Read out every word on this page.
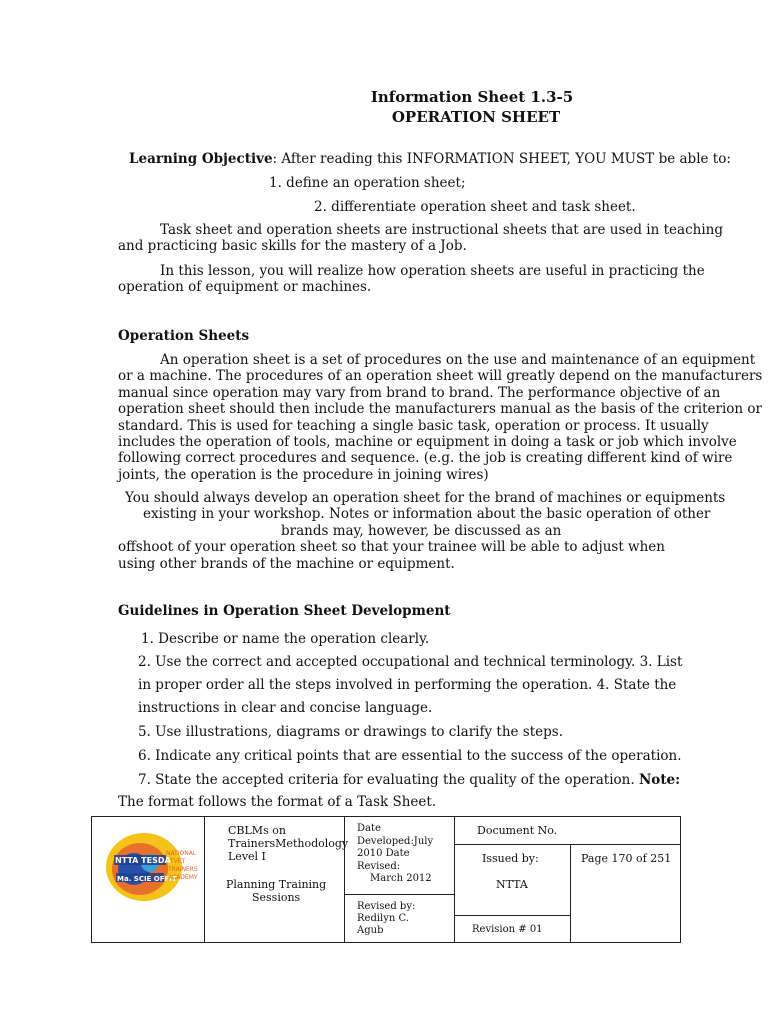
Information Sheet 1.3-5

OPERATION SHEET

Learning Objective: After reading this INFORMATION SHEET, YOU MUST be able to:

1. define an operation sheet;

2. differentiate operation sheet and task sheet.

Task sheet and operation sheets are instructional sheets that are used in teaching
and practicing basic skills for the mastery of a Job.
In this lesson, you will realize how operation sheets are useful in practicing the
operation of equipment or machines.

Operation Sheets

An operation sheet is a set of procedures on the use and maintenance of an equipment
or a machine. The procedures of an operation sheet will greatly depend on the manufacturers
manual since operation may vary from brand to brand. The performance objective of an
operation sheet should then include the manufacturers manual as the basis of the criterion or
standard. This is used for teaching a single basic task, operation or process. It usually
includes the operation of tools, machine or equipment in doing a task or job which involve
following correct procedures and sequence. (e.g. the job is creating different kind of wire
joints, the operation is the procedure in joining wires)
You should always develop an operation sheet for the brand of machines or equipments
existing in your workshop. Notes or information about the basic operation of other
brands may, however, be discussed as an
offshoot of your operation sheet so that your trainee will be able to adjust when
using other brands of the machine or equipment.

Guidelines in Operation Sheet Development

1. Describe or name the operation clearly.
2. Use the correct and accepted occupational and technical terminology. 3. List
in proper order all the steps involved in performing the operation. 4. State the
instructions in clear and concise language.
5. Use illustrations, diagrams or drawings to clarify the steps.
6. Indicate any critical points that are essential to the success of the operation.
7. State the accepted criteria for evaluating the quality of the operation. Note:

The format follows the format of a Task Sheet.

NTTA TESDA
Ma. SCIE OFFIT
NATIONAL
TVET
TRAINERS
ACADEMY
CBLMs on
TrainersMethodology
Level I
Planning Training
Sessions
Date
Developed:July
2010 Date
Revised:
March 2012
Revised by:
Redilyn C.
Agub
Document No.
Issued by:
NTTA
Revision # 01
Page 170 of 251
